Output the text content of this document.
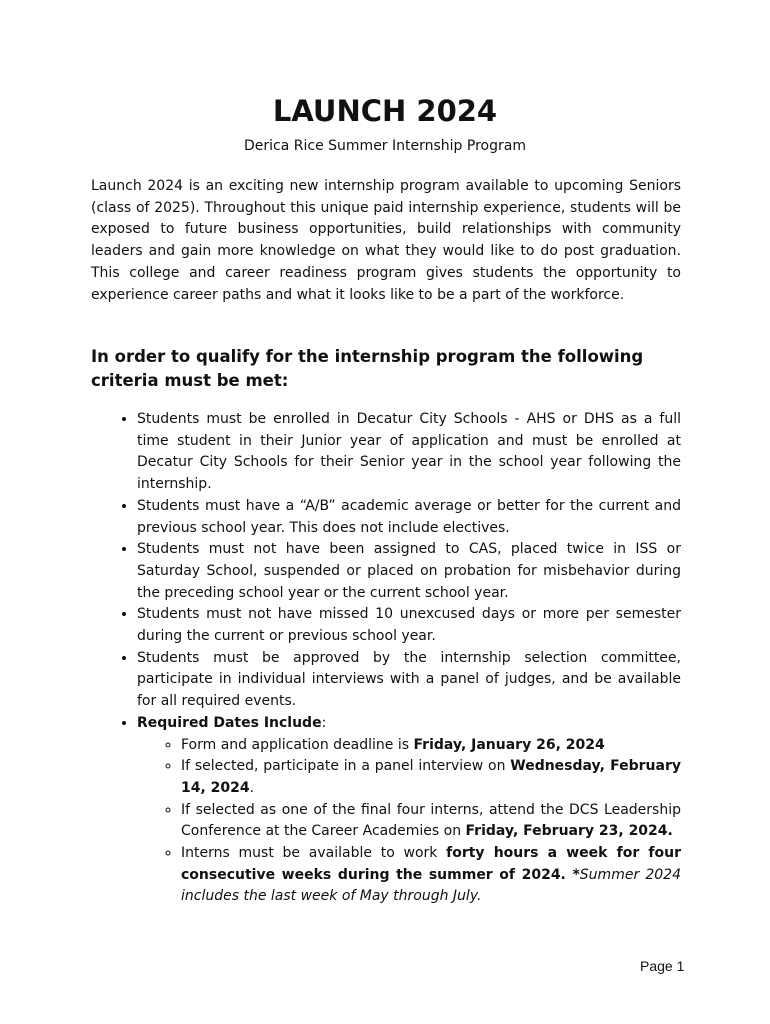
LAUNCH 2024

Derica Rice Summer Internship Program

Launch 2024 is an exciting new internship program available to upcoming Seniors (class of 2025). Throughout this unique paid internship experience, students will be exposed to future business opportunities, build relationships with community leaders and gain more knowledge on what they would like to do post graduation. This college and career readiness program gives students the opportunity to experience career paths and what it looks like to be a part of the workforce.

In order to qualify for the internship program the following criteria must be met:
• Students must be enrolled in Decatur City Schools - AHS or DHS as a full time student in their Junior year of application and must be enrolled at Decatur City Schools for their Senior year in the school year following the internship.
• Students must have a “A/B” academic average or better for the current and previous school year. This does not include electives.
• Students must not have been assigned to CAS, placed twice in ISS or Saturday School, suspended or placed on probation for misbehavior during the preceding school year or the current school year.
• Students must not have missed 10 unexcused days or more per semester during the current or previous school year.
• Students must be approved by the internship selection committee, participate in individual interviews with a panel of judges, and be available for all required events.
• Required Dates Include:
◦ Form and application deadline is Friday, January 26, 2024
◦ If selected, participate in a panel interview on Wednesday, February 14, 2024.
◦ If selected as one of the final four interns, attend the DCS Leadership Conference at the Career Academies on Friday, February 23, 2024.
◦ Interns must be available to work forty hours a week for four consecutive weeks during the summer of 2024. *Summer 2024 includes the last week of May through July.
Page 1
